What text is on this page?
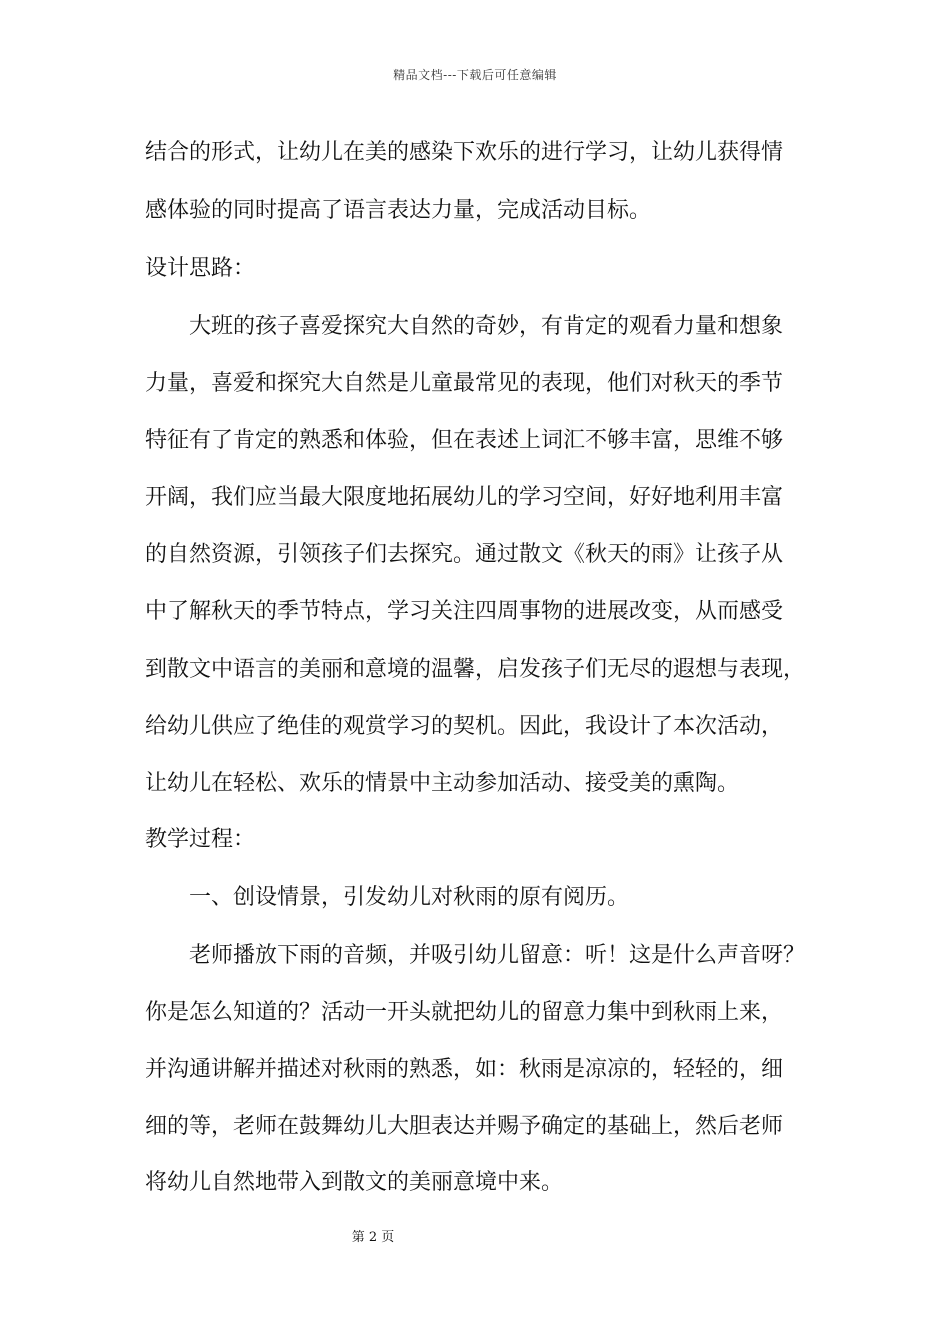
精品文档---下载后可任意编辑
结合的形式，让幼儿在美的感染下欢乐的进行学习，让幼儿获得情
感体验的同时提高了语言表达力量，完成活动目标。
设计思路：
　　大班的孩子喜爱探究大自然的奇妙，有肯定的观看力量和想象
力量，喜爱和探究大自然是儿童最常见的表现，他们对秋天的季节
特征有了肯定的熟悉和体验，但在表述上词汇不够丰富，思维不够
开阔，我们应当最大限度地拓展幼儿的学习空间，好好地利用丰富
的自然资源，引领孩子们去探究。通过散文《秋天的雨》让孩子从
中了解秋天的季节特点，学习关注四周事物的进展改变，从而感受
到散文中语言的美丽和意境的温馨，启发孩子们无尽的遐想与表现，
给幼儿供应了绝佳的观赏学习的契机。因此，我设计了本次活动，
让幼儿在轻松、欢乐的情景中主动参加活动、接受美的熏陶。
教学过程：
　　一、创设情景，引发幼儿对秋雨的原有阅历。
　　老师播放下雨的音频，并吸引幼儿留意：听！这是什么声音呀？
你是怎么知道的？活动一开头就把幼儿的留意力集中到秋雨上来，
并沟通讲解并描述对秋雨的熟悉，如：秋雨是凉凉的，轻轻的，细
细的等，老师在鼓舞幼儿大胆表达并赐予确定的基础上，然后老师
将幼儿自然地带入到散文的美丽意境中来。
第 2 页
